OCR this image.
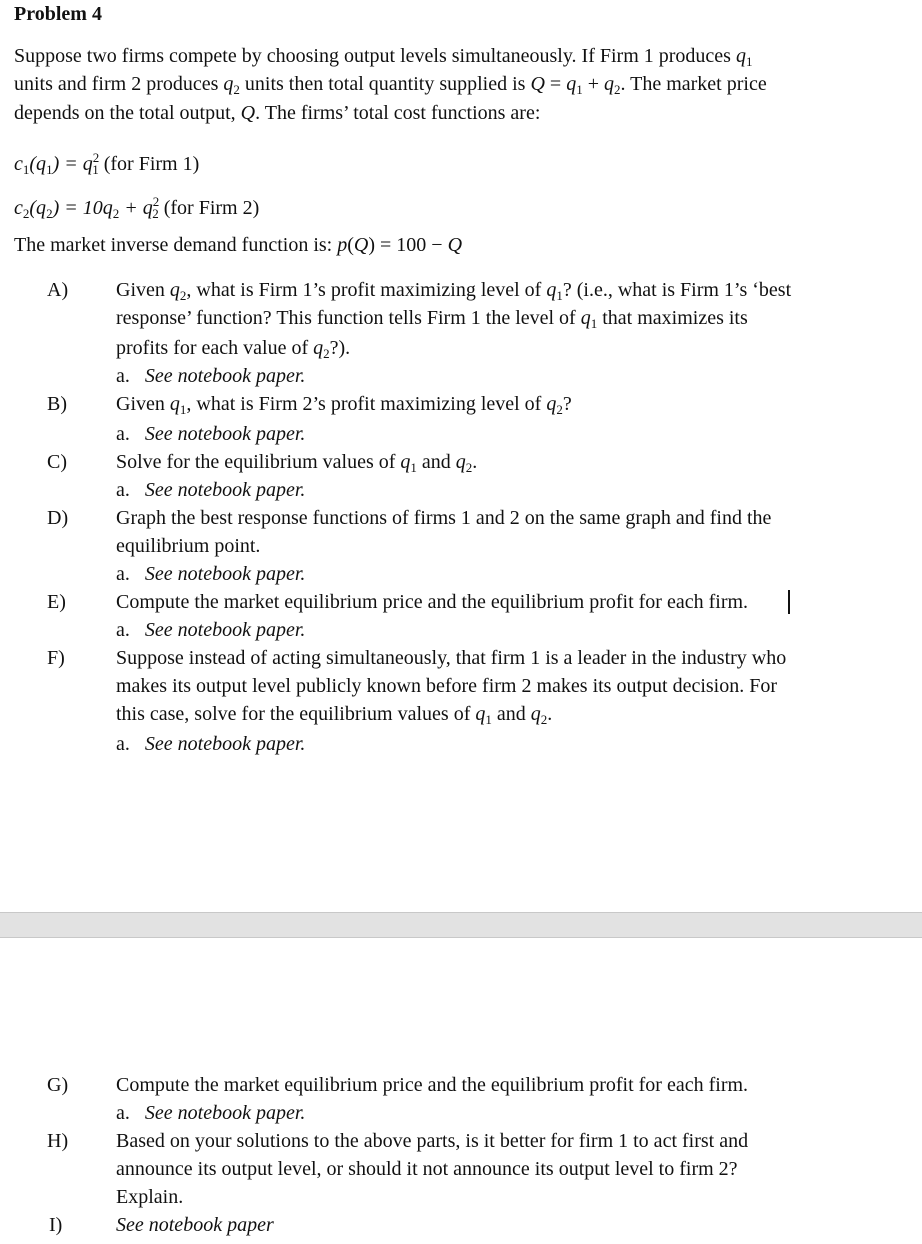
Problem 4
Suppose two firms compete by choosing output levels simultaneously. If Firm 1 produces $q_1$
units and firm 2 produces $q_2$ units then total quantity supplied is $Q = q_1 + q_2$. The market price
depends on the total output, Q. The firms’ total cost functions are:
$c_1(q_1) = q^2_1$ (for Firm 1)
$c_2(q_2) = 10q_2 + q^2_2$ (for Firm 2)
The market inverse demand function is: p(Q) = 100 − Q
A) Given $q_2$, what is Firm 1’s profit maximizing level of $q_1$? (i.e., what is Firm 1’s ‘best
response’ function? This function tells Firm 1 the level of $q_1$ that maximizes its
profits for each value of $q_2$?).
a. See notebook paper.
B) Given $q_1$, what is Firm 2’s profit maximizing level of $q_2$?
a. See notebook paper.
C) Solve for the equilibrium values of $q_1$ and $q_2$.
a. See notebook paper.
D) Graph the best response functions of firms 1 and 2 on the same graph and find the
equilibrium point.
a. See notebook paper.
E)	Compute the market equilibrium price and the equilibrium profit for each firm.
a. See notebook paper.
F)	Suppose instead of acting simultaneously, that firm 1 is a leader in the industry who
makes its output level publicly known before firm 2 makes its output decision. For
this case, solve for the equilibrium values of $q_1$ and $q_2$.
a. See notebook paper.
G) Compute the market equilibrium price and the equilibrium profit for each firm.
a. See notebook paper.
H) Based on your solutions to the above parts, is it better for firm 1 to act first and
announce its output level, or should it not announce its output level to firm 2?
Explain.
I)	See notebook paper
